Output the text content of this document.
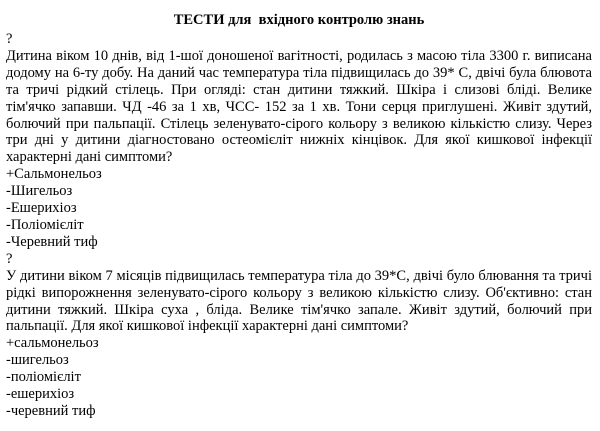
ТЕСТИ для  вхідного контролю знань
?
Дитина віком 10 днів, від 1-шої доношеної вагітності, родилась з масою тіла 3300 г. виписана додому на 6-ту добу. На даний час температура тіла підвищилась до 39* С, двічі була блювота та тричі рідкий стілець. При огляді: стан дитини тяжкий. Шкіра і слизові бліді. Велике тім'ячко запавши. ЧД -46 за 1 хв, ЧСС- 152 за 1 хв. Тони серця приглушені. Живіт здутий, болючий при пальпації. Стілець зеленувато-сірого кольору з великою кількістю слизу. Через три дні у дитини діагностовано остеомієліт нижніх кінцівок. Для якої кишкової інфекції характерні дані симптоми?
+Сальмонельоз
-Шигельоз
-Ешерихіоз
-Поліомієліт
-Черевний тиф
?
У дитини віком 7 місяців підвищилась температура тіла до 39*С, двічі було блювання та тричі рідкі випорожнення зеленувато-сірого кольору з великою кількістю слизу. Об'єктивно: стан дитини тяжкий. Шкіра суха , бліда. Велике тім'ячко запале. Живіт здутий, болючий при пальпації. Для якої кишкової інфекції характерні дані симптоми?
+сальмонельоз
-шигельоз
-поліомієліт
-ешерихіоз
-черевний тиф
